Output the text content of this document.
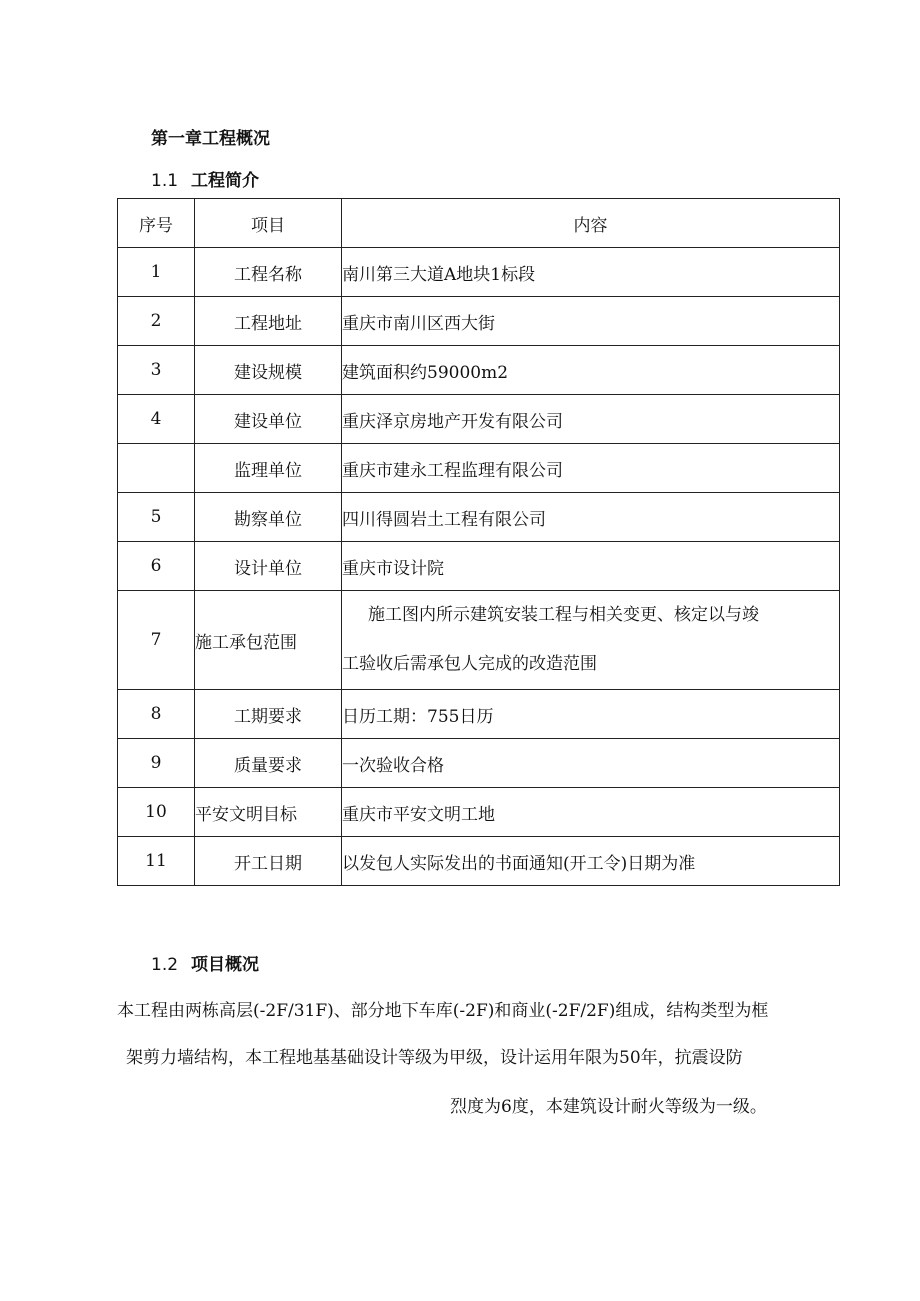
第一章工程概况
1.1 工程简介
序号	项目	内容
1	工程名称	南川第三大道A地块1标段
2	工程地址	重庆市南川区西大街
3	建设规模	建筑面积约59000m2
4	建设单位	重庆泽京房地产开发有限公司
	监理单位	重庆市建永工程监理有限公司
5	勘察单位	四川得圆岩土工程有限公司
6	设计单位	重庆市设计院
7	施工承包范围	施工图内所示建筑安装工程与相关变更、核定以与竣
工验收后需承包人完成的改造范围
8	工期要求	日历工期：755日历
9	质量要求	一次验收合格
10	平安文明目标	重庆市平安文明工地
11	开工日期	以发包人实际发出的书面通知(开工令)日期为准
1.2 项目概况
本工程由两栋高层(-2F/31F)、部分地下车库(-2F)和商业(-2F/2F)组成，结构类型为框
架剪力墙结构，本工程地基基础设计等级为甲级，设计运用年限为50年，抗震设防
烈度为6度，本建筑设计耐火等级为一级。
